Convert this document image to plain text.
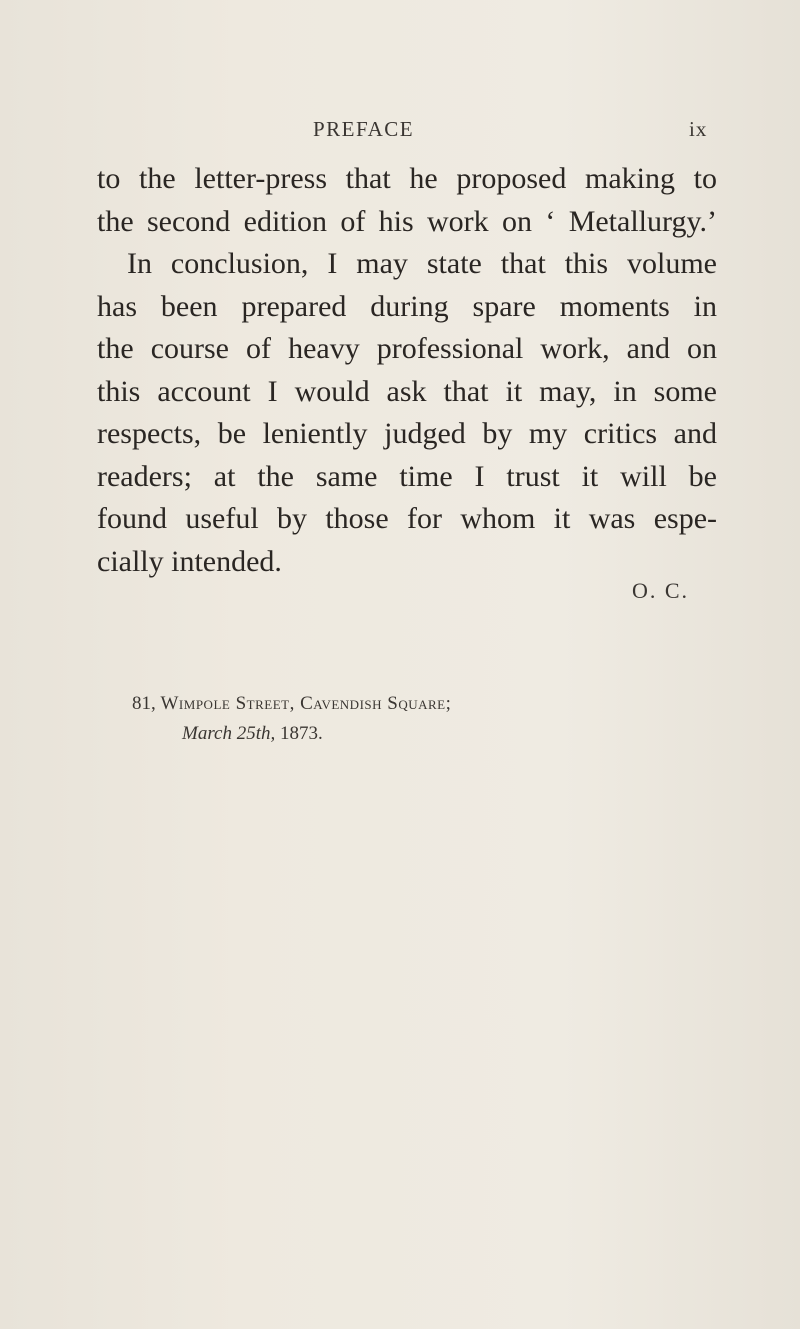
PREFACE	ix
to the letter-press that he proposed making to
the second edition of his work on ‘ Metallurgy.’
In conclusion, I may state that this volume
has been prepared during spare moments in
the course of heavy professional work, and on
this account I would ask that it may, in some
respects, be leniently judged by my critics and
readers; at the same time I trust it will be
found useful by those for whom it was espe-
cially intended.
O. C.
81, Wimpole Street, Cavendish Square;
March 25th, 1873.
